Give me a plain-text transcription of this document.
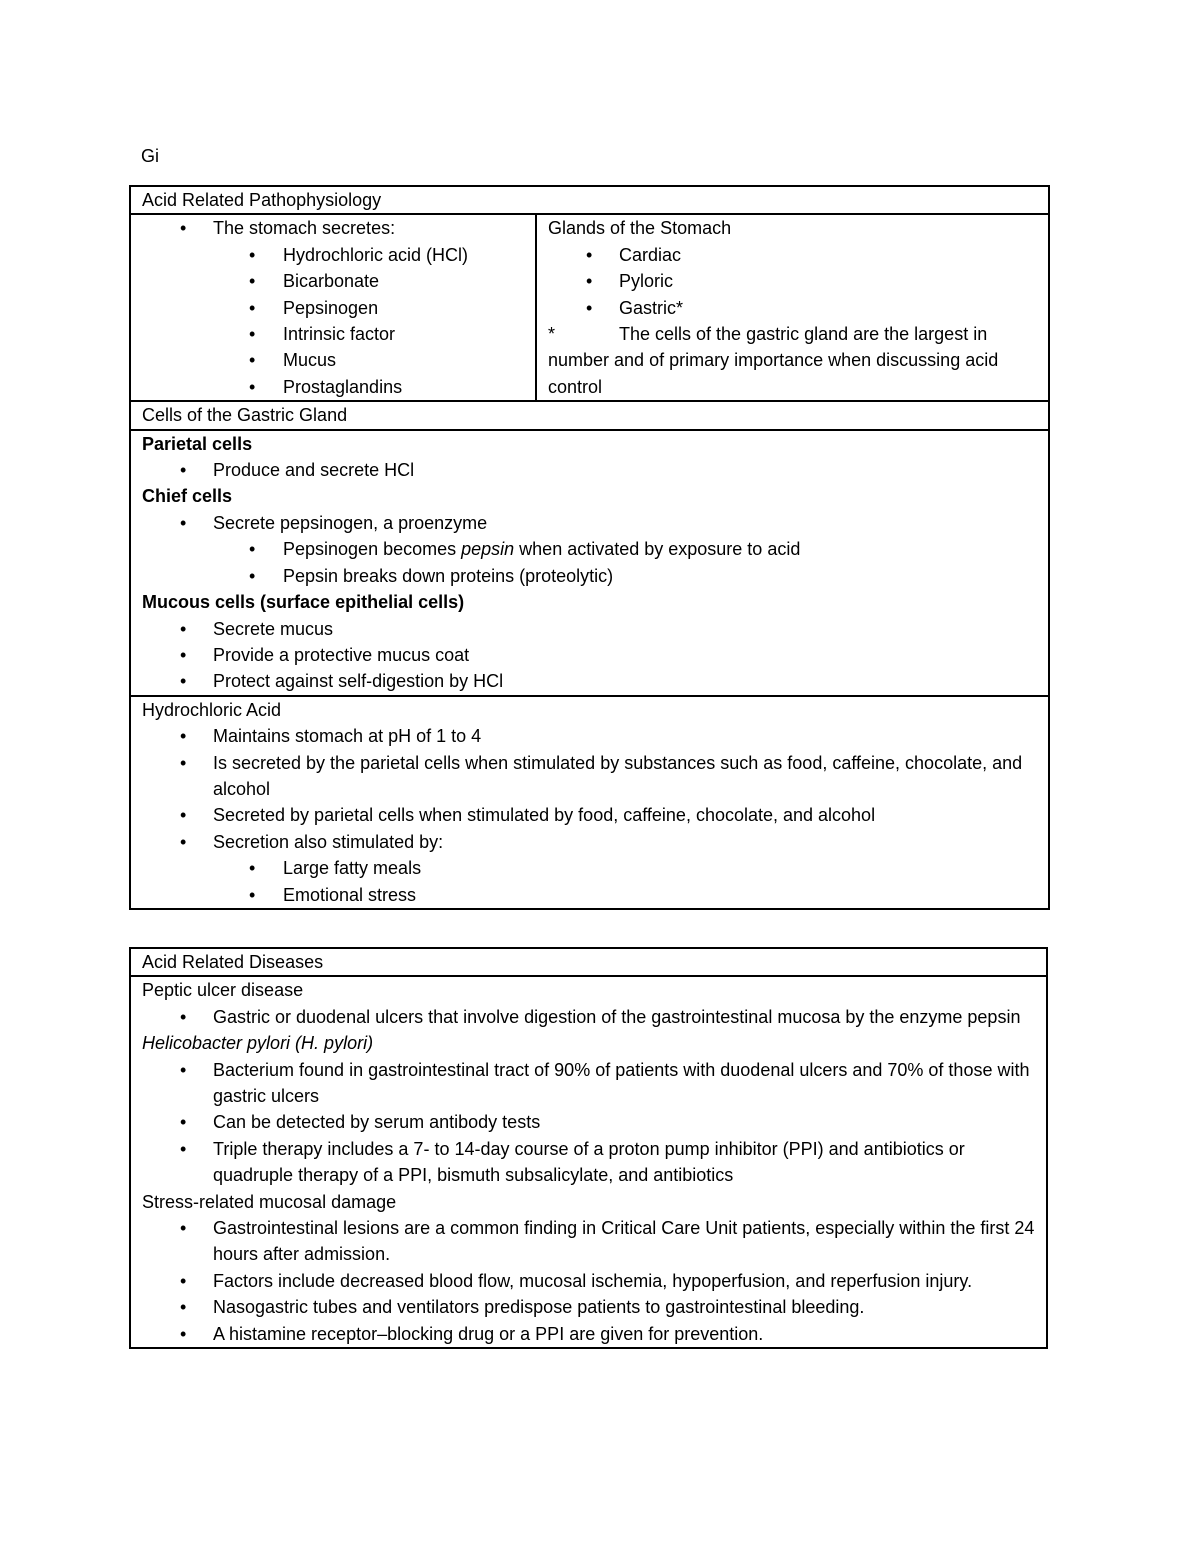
Gi
Acid Related Pathophysiology

•	The stomach secretes:
•	Hydrochloric acid (HCl)
•	Bicarbonate
•	Pepsinogen
•	Intrinsic factor
•	Mucus
•	Prostaglandins

Glands of the Stomach
•	Cardiac
•	Pyloric
•	Gastric*
*	The cells of the gastric gland are the largest in
number and of primary importance when discussing acid control

Cells of the Gastric Gland

Parietal cells
•	Produce and secrete HCl
Chief cells
•	Secrete pepsinogen, a proenzyme
•	Pepsinogen becomes pepsin when activated by exposure to acid
•	Pepsin breaks down proteins (proteolytic)
Mucous cells (surface epithelial cells)
•	Secrete mucus
•	Provide a protective mucus coat
•	Protect against self-digestion by HCl

Hydrochloric Acid
•	Maintains stomach at pH of 1 to 4
•	Is secreted by the parietal cells when stimulated by substances such as food, caffeine, chocolate, and alcohol
•	Secreted by parietal cells when stimulated by food, caffeine, chocolate, and alcohol
•	Secretion also stimulated by:
•	Large fatty meals
•	Emotional stress
Acid Related Diseases

Peptic ulcer disease
•	Gastric or duodenal ulcers that involve digestion of the gastrointestinal mucosa by the enzyme pepsin
Helicobacter pylori (H. pylori)
•	Bacterium found in gastrointestinal tract of 90% of patients with duodenal ulcers and 70% of those with gastric ulcers
•	Can be detected by serum antibody tests
•	Triple therapy includes a 7- to 14-day course of a proton pump inhibitor (PPI) and antibiotics or quadruple therapy of a PPI, bismuth subsalicylate, and antibiotics
Stress-related mucosal damage
•	Gastrointestinal lesions are a common finding in Critical Care Unit patients, especially within the first 24 hours after admission.
•	Factors include decreased blood flow, mucosal ischemia, hypoperfusion, and reperfusion injury.
•	Nasogastric tubes and ventilators predispose patients to gastrointestinal bleeding.
•	A histamine receptor–blocking drug or a PPI are given for prevention.
